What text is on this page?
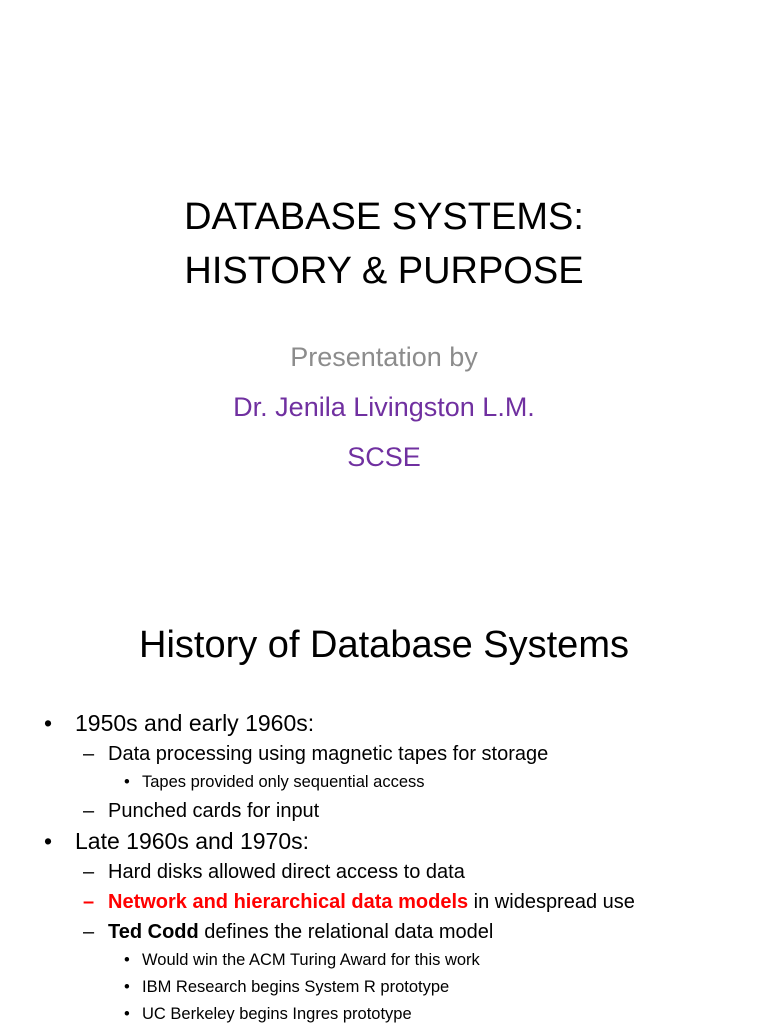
DATABASE SYSTEMS:
HISTORY & PURPOSE
Presentation by
Dr. Jenila Livingston L.M.
SCSE
History of Database Systems
• 1950s and early 1960s:
– Data processing using magnetic tapes for storage
• Tapes provided only sequential access
– Punched cards for input
• Late 1960s and 1970s:
– Hard disks allowed direct access to data
– Network and hierarchical data models in widespread use
– Ted Codd defines the relational data model
• Would win the ACM Turing Award for this work
• IBM Research begins System R prototype
• UC Berkeley begins Ingres prototype
